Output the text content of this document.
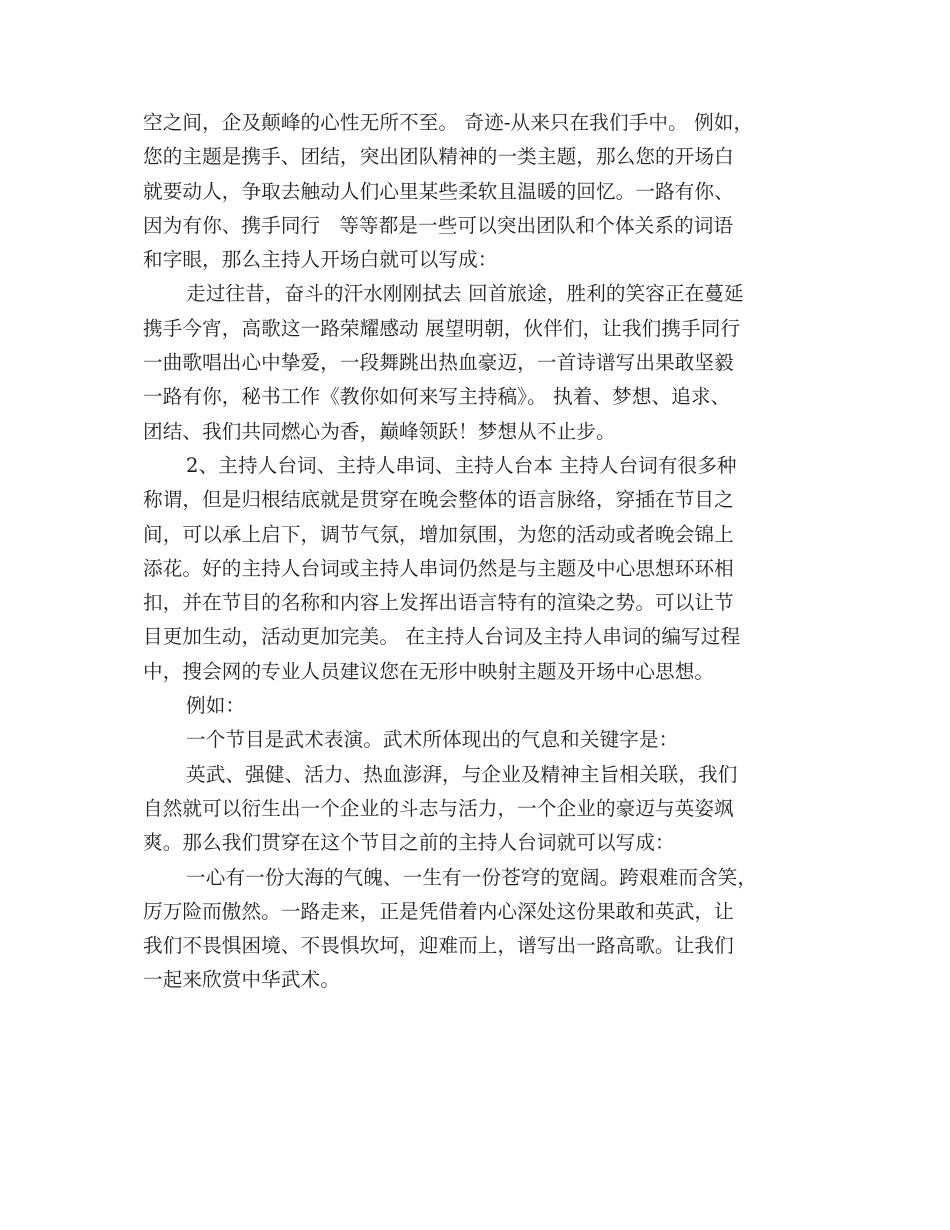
空之间，企及颠峰的心性无所不至。 奇迹-从来只在我们手中。 例如，
您的主题是携手、团结，突出团队精神的一类主题，那么您的开场白
就要动人，争取去触动人们心里某些柔软且温暖的回忆。一路有你、
因为有你、携手同行   等等都是一些可以突出团队和个体关系的词语
和字眼，那么主持人开场白就可以写成：
走过往昔，奋斗的汗水刚刚拭去 回首旅途，胜利的笑容正在蔓延
携手今宵，高歌这一路荣耀感动 展望明朝，伙伴们，让我们携手同行
一曲歌唱出心中挚爱，一段舞跳出热血豪迈，一首诗谱写出果敢坚毅
一路有你，秘书工作《教你如何来写主持稿》。 执着、梦想、追求、
团结、我们共同燃心为香，巅峰领跃！梦想从不止步。
2、主持人台词、主持人串词、主持人台本 主持人台词有很多种
称谓，但是归根结底就是贯穿在晚会整体的语言脉络，穿插在节目之
间，可以承上启下，调节气氛，增加氛围，为您的活动或者晚会锦上
添花。好的主持人台词或主持人串词仍然是与主题及中心思想环环相
扣，并在节目的名称和内容上发挥出语言特有的渲染之势。可以让节
目更加生动，活动更加完美。 在主持人台词及主持人串词的编写过程
中，搜会网的专业人员建议您在无形中映射主题及开场中心思想。
例如：
一个节目是武术表演。武术所体现出的气息和关键字是：
英武、强健、活力、热血澎湃，与企业及精神主旨相关联，我们
自然就可以衍生出一个企业的斗志与活力，一个企业的豪迈与英姿飒
爽。那么我们贯穿在这个节目之前的主持人台词就可以写成：
一心有一份大海的气魄、一生有一份苍穹的宽阔。跨艰难而含笑，
厉万险而傲然。一路走来，正是凭借着内心深处这份果敢和英武，让
我们不畏惧困境、不畏惧坎坷，迎难而上，谱写出一路高歌。让我们
一起来欣赏中华武术。
